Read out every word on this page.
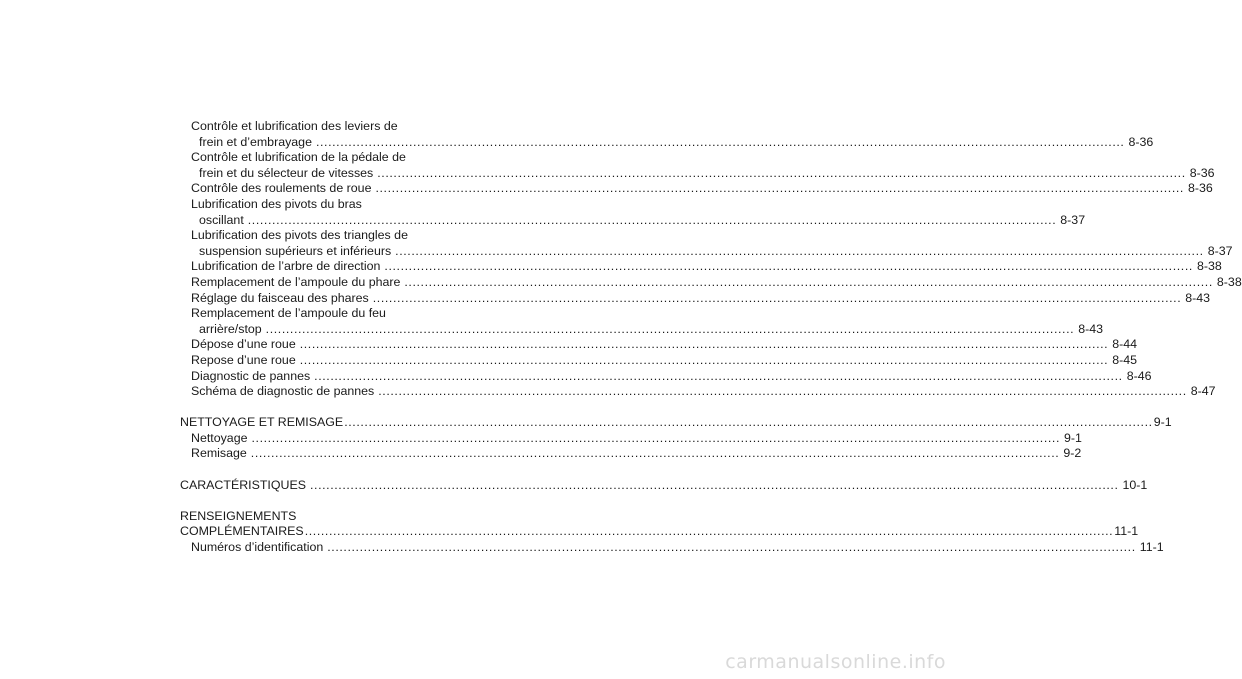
Contrôle et lubrification des leviers de
frein et d’embrayage ........................................................................................................................................................................................................ 8-36
Contrôle et lubrification de la pédale de
frein et du sélecteur de vitesses ........................................................................................................................................................................................................ 8-36
Contrôle des roulements de roue ........................................................................................................................................................................................................ 8-36
Lubrification des pivots du bras
oscillant ........................................................................................................................................................................................................ 8-37
Lubrification des pivots des triangles de
suspension supérieurs et inférieurs ........................................................................................................................................................................................................ 8-37
Lubrification de l’arbre de direction ........................................................................................................................................................................................................ 8-38
Remplacement de l’ampoule du phare ........................................................................................................................................................................................................ 8-38
Réglage du faisceau des phares ........................................................................................................................................................................................................ 8-43
Remplacement de l’ampoule du feu
arrière/stop ........................................................................................................................................................................................................ 8-43
Dépose d’une roue ........................................................................................................................................................................................................ 8-44
Repose d’une roue ........................................................................................................................................................................................................ 8-45
Diagnostic de pannes ........................................................................................................................................................................................................ 8-46
Schéma de diagnostic de pannes ........................................................................................................................................................................................................ 8-47
NETTOYAGE ET REMISAGE ........................................................................................................................................................................................................ 9-1
Nettoyage ........................................................................................................................................................................................................ 9-1
Remisage ........................................................................................................................................................................................................ 9-2
CARACTÉRISTIQUES ........................................................................................................................................................................................................ 10-1
RENSEIGNEMENTS
COMPLÉMENTAIRES ........................................................................................................................................................................................................ 11-1
Numéros d’identification ........................................................................................................................................................................................................ 11-1
carmanualsonline.info
